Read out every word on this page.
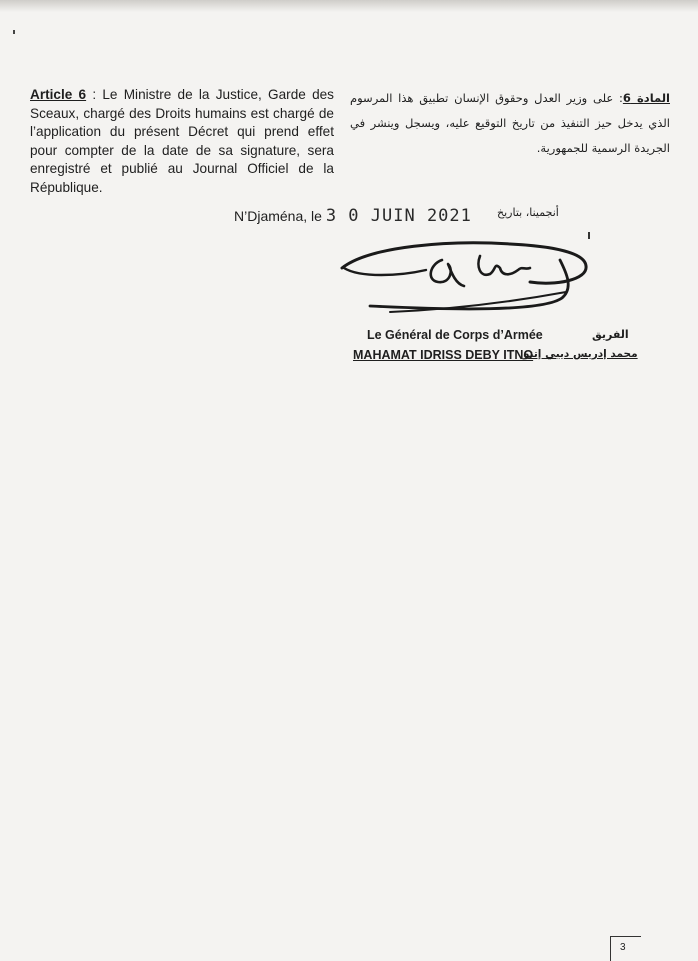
Article 6 : Le Ministre de la Justice, Garde des Sceaux, chargé des Droits humains est chargé de l’application du présent Décret qui prend effet pour compter de la date de sa signature, sera enregistré et publié au Journal Officiel de la République.
المادة 6: على وزير العدل وحقوق الإنسان تطبيق هذا المرسوم الذي يدخل حيز التنفيذ من تاريخ التوقيع عليه، ويسجل وينشر في الجريدة الرسمية للجمهورية.
N’Djaména, le 3 0 JUIN 2021 أنجمينا، بتاريخ
Le Général de Corps d’Armée	الفريق
MAHAMAT IDRISS DEBY ITNO
محمد إدريس ديبي إتنو
3
